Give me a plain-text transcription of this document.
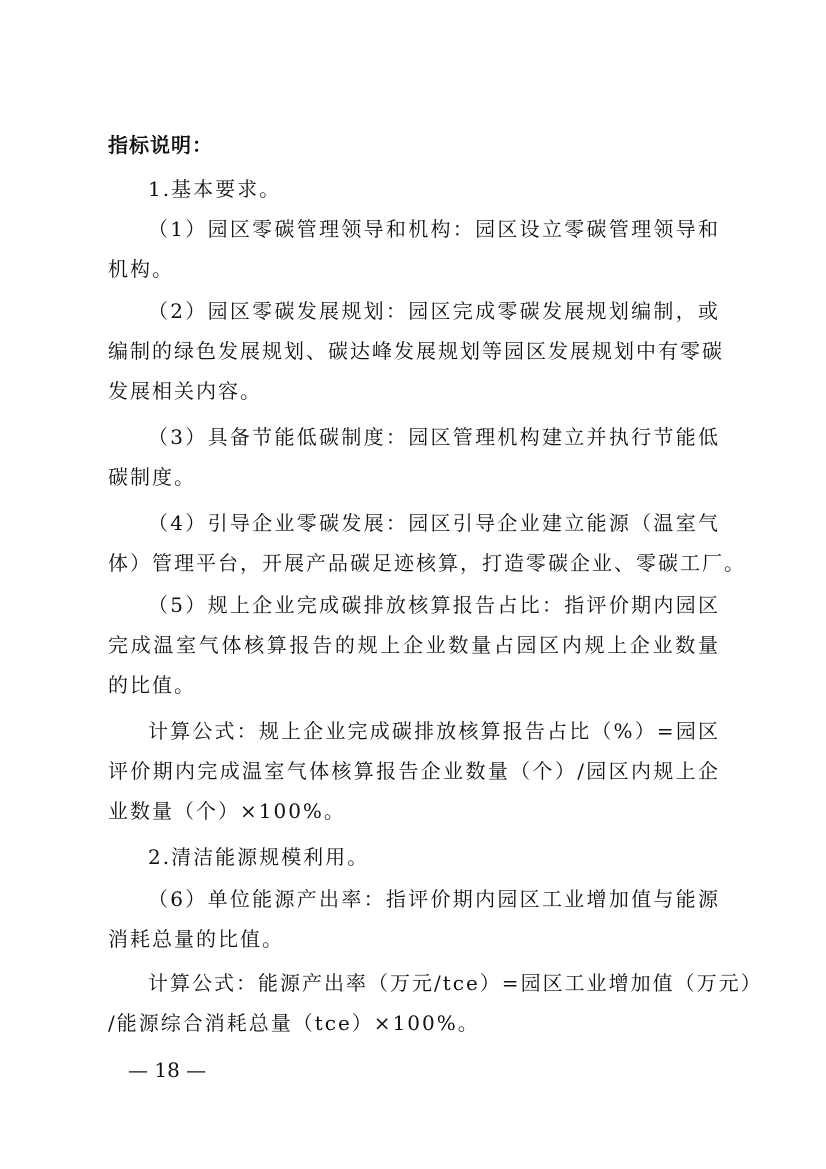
指标说明：
1.基本要求。
（1）园区零碳管理领导和机构：园区设立零碳管理领导和
机构。
（2）园区零碳发展规划：园区完成零碳发展规划编制，或
编制的绿色发展规划、碳达峰发展规划等园区发展规划中有零碳
发展相关内容。
（3）具备节能低碳制度：园区管理机构建立并执行节能低
碳制度。
（4）引导企业零碳发展：园区引导企业建立能源（温室气
体）管理平台，开展产品碳足迹核算，打造零碳企业、零碳工厂。
（5）规上企业完成碳排放核算报告占比：指评价期内园区
完成温室气体核算报告的规上企业数量占园区内规上企业数量
的比值。
计算公式：规上企业完成碳排放核算报告占比（%）=园区
评价期内完成温室气体核算报告企业数量（个）/园区内规上企
业数量（个）×100%。
2.清洁能源规模利用。
（6）单位能源产出率：指评价期内园区工业增加值与能源
消耗总量的比值。
计算公式：能源产出率（万元/tce）=园区工业增加值（万元）
/能源综合消耗总量（tce）×100%。
— 18 —
